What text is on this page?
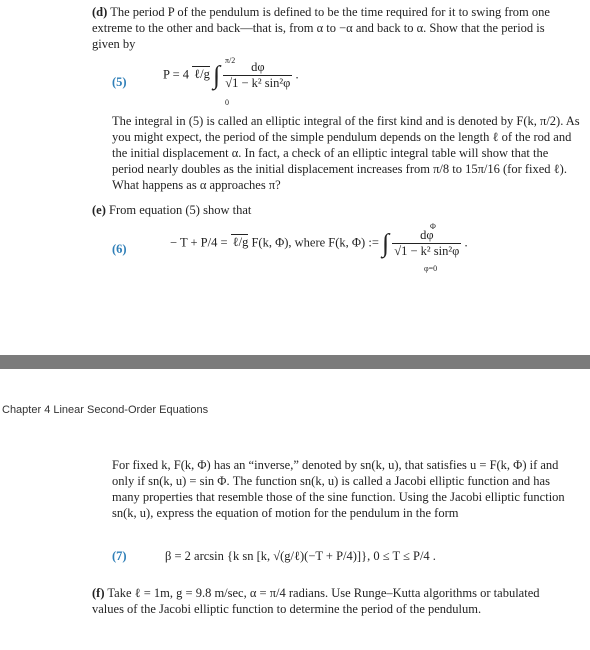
(d) The period P of the pendulum is defined to be the time required for it to swing from one extreme to the other and back—that is, from α to −α and back to α. Show that the period is given by
(5)
P = 4 ℓ/g ∫ π/2
0
$\frac{d\varphi}{\text{√1 − k² sin²φ}}$ .
The integral in (5) is called an elliptic integral of the first kind and is denoted by F(k, π/2). As you might expect, the period of the simple pendulum depends on the length ℓ of the rod and the initial displacement α. In fact, a check of an elliptic integral table will show that the period nearly doubles as the initial displacement increases from π/8 to 15π/16 (for fixed ℓ). What happens as α approaches π?
(e) From equation (5) show that
(6)	− T + P/4 = ℓ/g F(k, Φ), where F(k, Φ) := ∫ $\frac{d\varphi}{\text{√1 − k² sin²φ}}$ .
Φ
φ=0
Chapter 4 Linear Second-Order Equations
For fixed k, F(k, Φ) has an “inverse,” denoted by sn(k, u), that satisfies u = F(k, Φ) if and only if sn(k, u) = sin Φ. The function sn(k, u) is called a Jacobi elliptic function and has many properties that resemble those of the sine function. Using the Jacobi elliptic function sn(k, u), express the equation of motion for the pendulum in the form
(7)	β = 2 arcsin {k sn [k, √(g/ℓ)(−T + P/4)]}, 0 ≤ T ≤ P/4 .
(f) Take ℓ = 1m, g = 9.8 m/sec, α = π/4 radians. Use Runge–Kutta algorithms or tabulated values of the Jacobi elliptic function to determine the period of the pendulum.
